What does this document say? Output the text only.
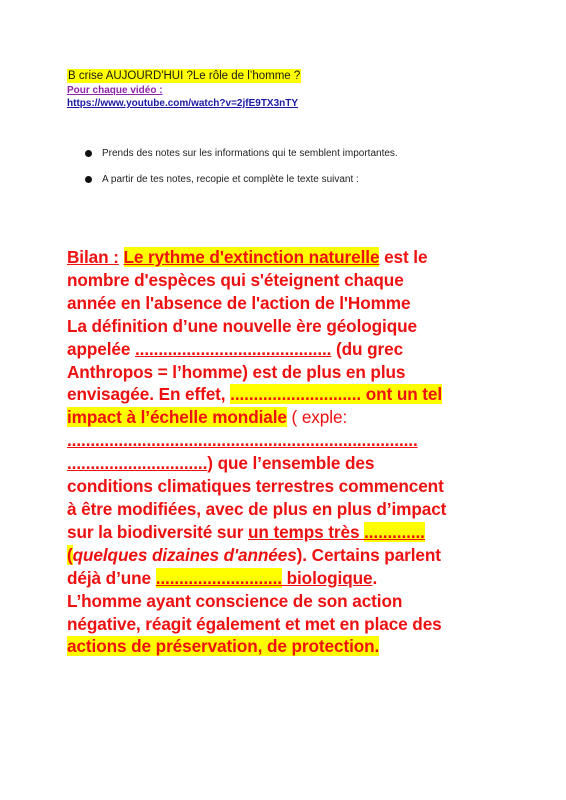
B crise AUJOURD'HUI ?Le rôle de l’homme ?
Pour chaque vidéo :
https://www.youtube.com/watch?v=2jfE9TX3nTY
Prends des notes sur les informations qui te semblent importantes.
A partir de tes notes, recopie et complète le texte suivant :
Bilan : Le rythme d'extinction naturelle est le
nombre d'espèces qui s'éteignent chaque
année en l'absence de l'action de l'Homme
La définition d’une nouvelle ère géologique
appelée .......................................... (du grec
Anthropos = l’homme) est de plus en plus
envisagée. En effet, ............................ ont un tel
impact à l’échelle mondiale ( exple:
...........................................................................
..............................) que l’ensemble des
conditions climatiques terrestres commencent
à être modifiées, avec de plus en plus d’impact
sur la biodiversité sur un temps très .............
(quelques dizaines d'années). Certains parlent
déjà d’une ........................... biologique.
L’homme ayant conscience de son action
négative, réagit également et met en place des
actions de préservation, de protection.
